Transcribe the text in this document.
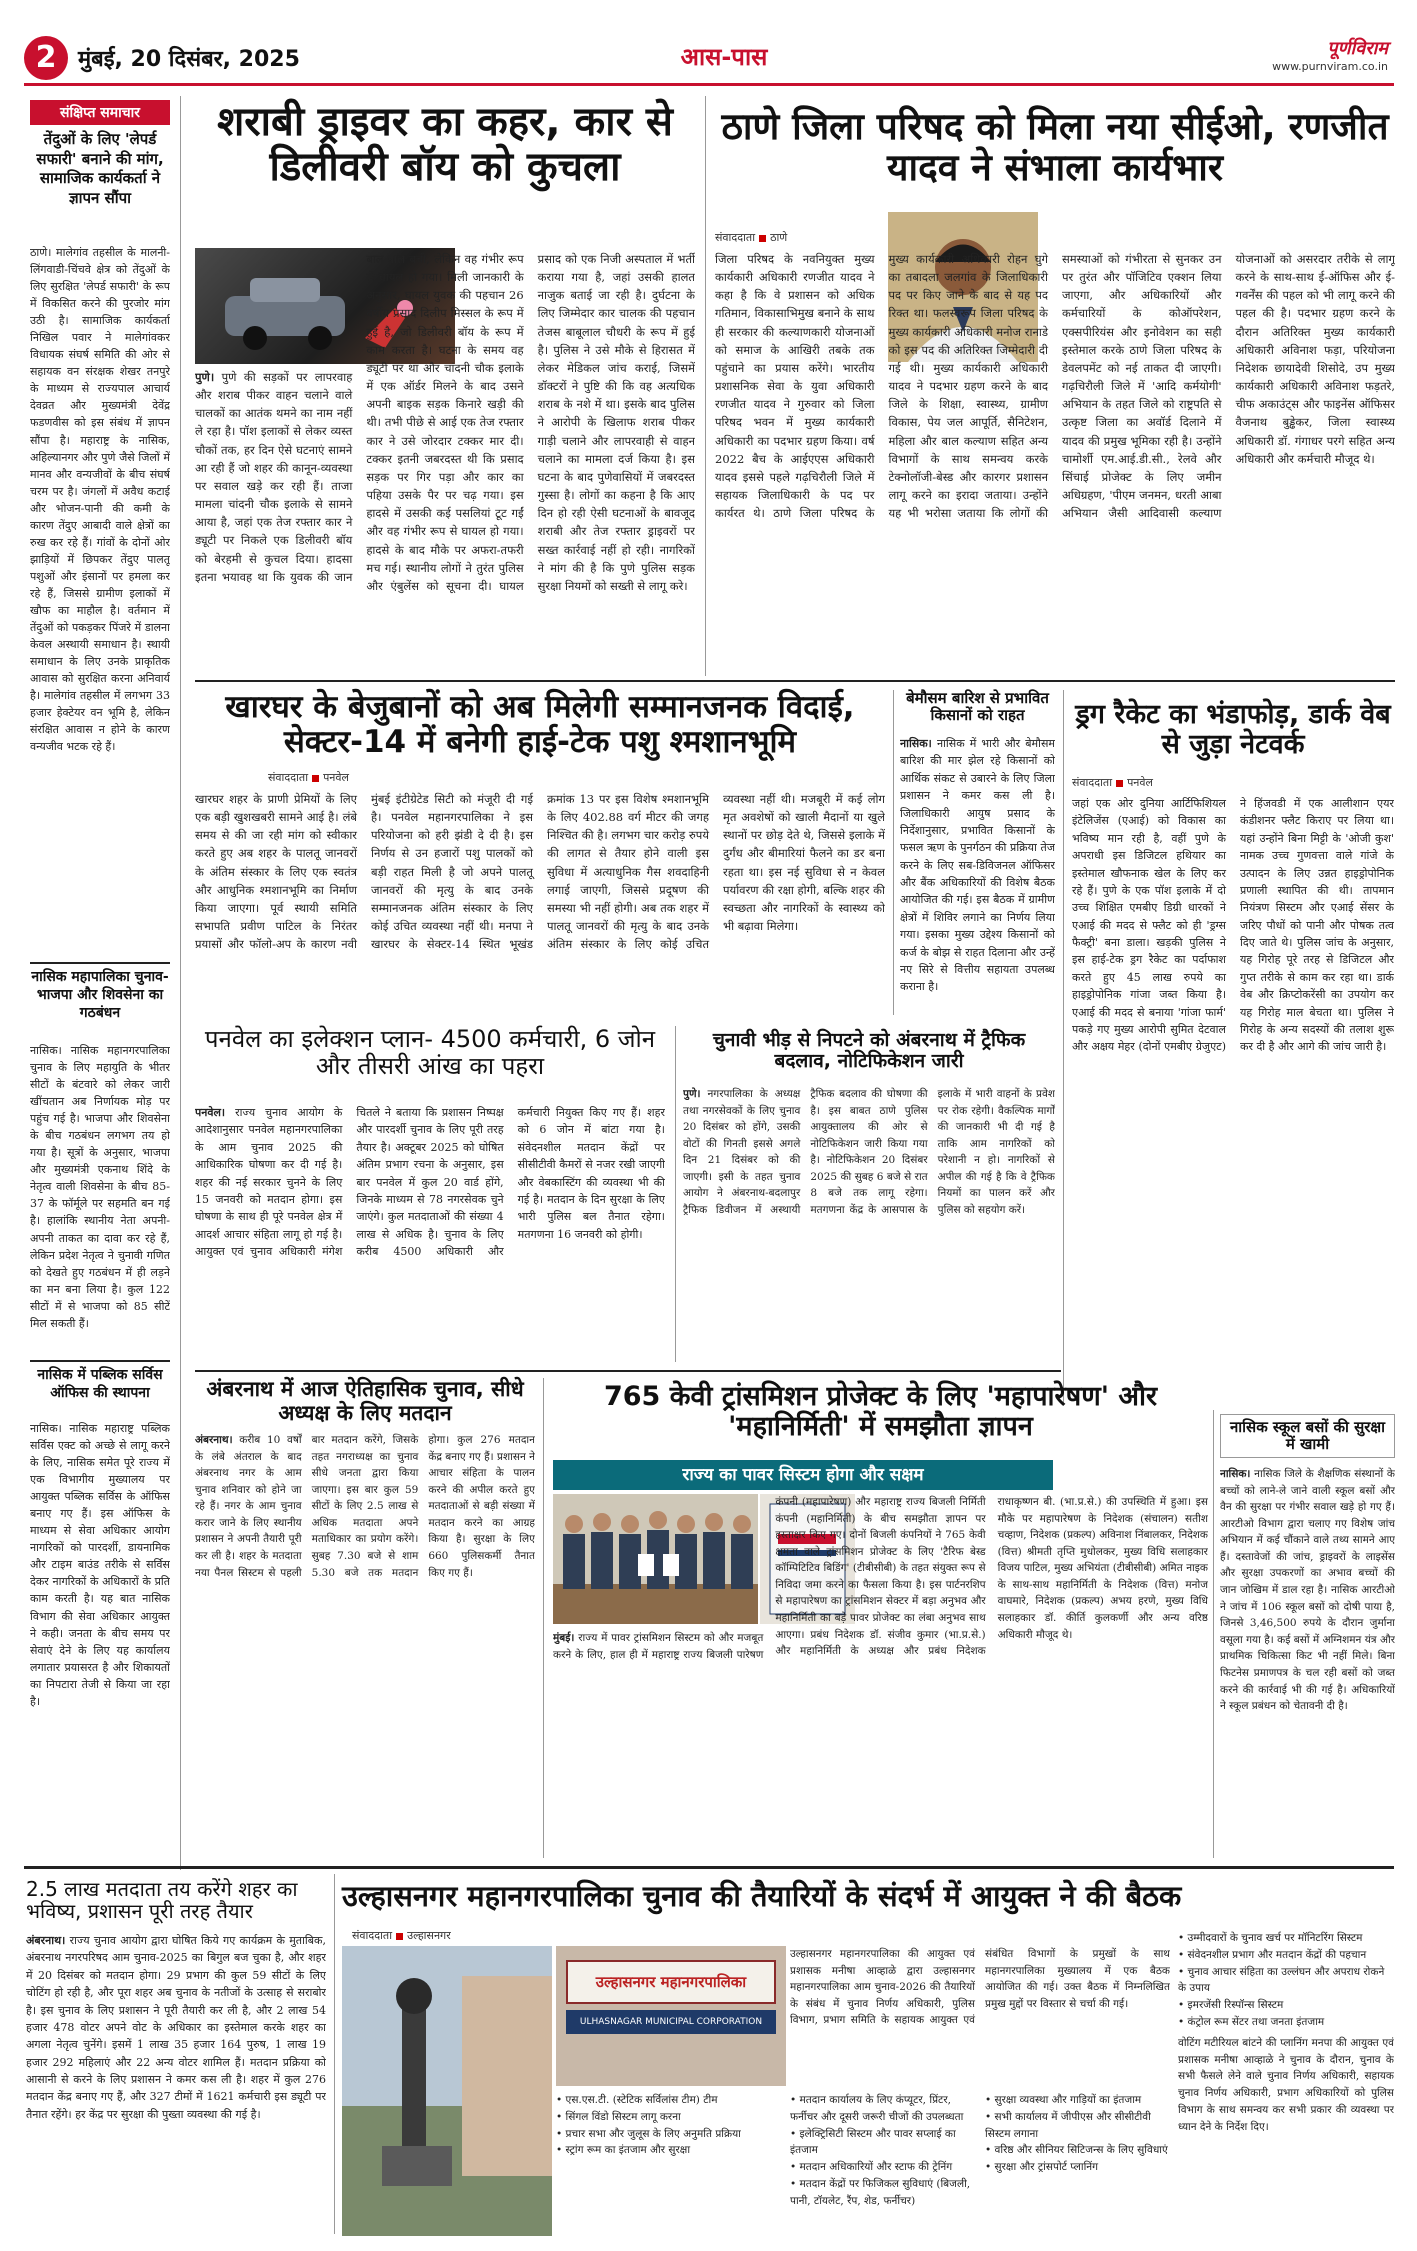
2 मुंबई, 20 दिसंबर, 2025	आस-पास	पूर्णविराम
www.purnviram.co.in
संक्षिप्त समाचार
तेंदुओं के लिए 'लेपर्ड सफारी' बनाने की मांग, सामाजिक कार्यकर्ता ने ज्ञापन सौंपा
ठाणे। मालेगांव तहसील के मालनी-लिंगवाडी-चिंचवे क्षेत्र को तेंदुओं के लिए सुरक्षित 'लेपर्ड सफारी' के रूप में विकसित करने की पुरजोर मांग उठी है। सामाजिक कार्यकर्ता निखिल पवार ने मालेगांवकर विधायक संघर्ष समिति की ओर से सहायक वन संरक्षक शेखर तनपुरे के माध्यम से राज्यपाल आचार्य देवव्रत और मुख्यमंत्री देवेंद्र फडणवीस को इस संबंध में ज्ञापन सौंपा है। महाराष्ट्र के नासिक, अहिल्यानगर और पुणे जैसे जिलों में मानव और वन्यजीवों के बीच संघर्ष चरम पर है। जंगलों में अवैध कटाई और भोजन-पानी की कमी के कारण तेंदुए आबादी वाले क्षेत्रों का रुख कर रहे हैं। गांवों के दोनों ओर झाड़ियों में छिपकर तेंदुए पालतू पशुओं और इंसानों पर हमला कर रहे हैं, जिससे ग्रामीण इलाकों में खौफ का माहौल है। वर्तमान में तेंदुओं को पकड़कर पिंजरे में डालना केवल अस्थायी समाधान है। स्थायी समाधान के लिए उनके प्राकृतिक आवास को सुरक्षित करना अनिवार्य है। मालेगांव तहसील में लगभग 33 हजार हेक्टेयर वन भूमि है, लेकिन संरक्षित आवास न होने के कारण वन्यजीव भटक रहे हैं।
नासिक महापालिका चुनाव-भाजपा और शिवसेना का गठबंधन
नासिक। नासिक महानगरपालिका चुनाव के लिए महायुति के भीतर सीटों के बंटवारे को लेकर जारी खींचतान अब निर्णायक मोड़ पर पहुंच गई है। भाजपा और शिवसेना के बीच गठबंधन लगभग तय हो गया है। सूत्रों के अनुसार, भाजपा और मुख्यमंत्री एकनाथ शिंदे के नेतृत्व वाली शिवसेना के बीच 85-37 के फॉर्मूले पर सहमति बन गई है। हालांकि स्थानीय नेता अपनी-अपनी ताकत का दावा कर रहे हैं, लेकिन प्रदेश नेतृत्व ने चुनावी गणित को देखते हुए गठबंधन में ही लड़ने का मन बना लिया है। कुल 122 सीटों में से भाजपा को 85 सीटें मिल सकती हैं।
नासिक में पब्लिक सर्विस ऑफिस की स्थापना
नासिक। नासिक महाराष्ट्र पब्लिक सर्विस एक्ट को अच्छे से लागू करने के लिए, नासिक समेत पूरे राज्य में एक विभागीय मुख्यालय पर आयुक्त पब्लिक सर्विस के ऑफिस बनाए गए हैं। इस ऑफिस के माध्यम से सेवा अधिकार आयोग नागरिकों को पारदर्शी, डायनामिक और टाइम बाउंड तरीके से सर्विस देकर नागरिकों के अधिकारों के प्रति काम करती है। यह बात नासिक विभाग की सेवा अधिकार आयुक्त ने कही। जनता के बीच समय पर सेवाएं देने के लिए यह कार्यालय लगातार प्रयासरत है और शिकायतों का निपटारा तेजी से किया जा रहा है।
शराबी ड्राइवर का कहर, कार से डिलीवरी बॉय को कुचला
पुणे। पुणे की सड़कों पर लापरवाह और शराब पीकर वाहन चलाने वाले चालकों का आतंक थमने का नाम नहीं ले रहा है। पॉश इलाकों से लेकर व्यस्त चौकों तक, हर दिन ऐसे घटनाएं सामने आ रही हैं जो शहर की कानून-व्यवस्था पर सवाल खड़े कर रही हैं। ताजा मामला चांदनी चौक इलाके से सामने आया है, जहां एक तेज रफ्तार कार ने ड्यूटी पर निकले एक डिलीवरी बॉय को बेरहमी से कुचल दिया। हादसा इतना भयावह था कि युवक की जान बाल-बाल बची, लेकिन वह गंभीर रूप से घायल हो गया। मिली जानकारी के अनुसार, घायल युवक की पहचान 26 वर्षीय प्रसाद दिलीप मिस्सल के रूप में हुई है, जो डिलीवरी बॉय के रूप में काम करता है। घटना के समय वह ड्यूटी पर था और चांदनी चौक इलाके में एक ऑर्डर मिलने के बाद उसने अपनी बाइक सड़क किनारे खड़ी की थी। तभी पीछे से आई एक तेज रफ्तार कार ने उसे जोरदार टक्कर मार दी। टक्कर इतनी जबरदस्त थी कि प्रसाद सड़क पर गिर पड़ा और कार का पहिया उसके पैर पर चढ़ गया। इस हादसे में उसकी कई पसलियां टूट गईं और वह गंभीर रूप से घायल हो गया। हादसे के बाद मौके पर अफरा-तफरी मच गई। स्थानीय लोगों ने तुरंत पुलिस और एंबुलेंस को सूचना दी। घायल प्रसाद को एक निजी अस्पताल में भर्ती कराया गया है, जहां उसकी हालत नाजुक बताई जा रही है। दुर्घटना के लिए जिम्मेदार कार चालक की पहचान तेजस बाबूलाल चौधरी के रूप में हुई है। पुलिस ने उसे मौके से हिरासत में लेकर मेडिकल जांच कराई, जिसमें डॉक्टरों ने पुष्टि की कि वह अत्यधिक शराब के नशे में था। इसके बाद पुलिस ने आरोपी के खिलाफ शराब पीकर गाड़ी चलाने और लापरवाही से वाहन चलाने का मामला दर्ज किया है। इस घटना के बाद पुणेवासियों में जबरदस्त गुस्सा है। लोगों का कहना है कि आए दिन हो रही ऐसी घटनाओं के बावजूद शराबी और तेज रफ्तार ड्राइवरों पर सख्त कार्रवाई नहीं हो रही। नागरिकों ने मांग की है कि पुणे पुलिस सड़क सुरक्षा नियमों को सख्ती से लागू करे।
ठाणे जिला परिषद को मिला नया सीईओ, रणजीत यादव ने संभाला कार्यभार
संवाददाता ठाणे
जिला परिषद के नवनियुक्त मुख्य कार्यकारी अधिकारी रणजीत यादव ने कहा है कि वे प्रशासन को अधिक गतिमान, विकासाभिमुख बनाने के साथ ही सरकार की कल्याणकारी योजनाओं को समाज के आखिरी तबके तक पहुंचाने का प्रयास करेंगे। भारतीय प्रशासनिक सेवा के युवा अधिकारी रणजीत यादव ने गुरुवार को जिला परिषद भवन में मुख्य कार्यकारी अधिकारी का पदभार ग्रहण किया। वर्ष 2022 बैच के आईएएस अधिकारी यादव इससे पहले गढ़चिरौली जिले में सहायक जिलाधिकारी के पद पर कार्यरत थे। ठाणे जिला परिषद के मुख्य कार्यकारी अधिकारी रोहन घुगे का तबादला जलगांव के जिलाधिकारी पद पर किए जाने के बाद से यह पद रिक्त था। फलस्वरूप जिला परिषद के मुख्य कार्यकारी अधिकारी मनोज रानाडे को इस पद की अतिरिक्त जिम्मेदारी दी गई थी। मुख्य कार्यकारी अधिकारी यादव ने पदभार ग्रहण करने के बाद जिले के शिक्षा, स्वास्थ्य, ग्रामीण विकास, पेय जल आपूर्ति, सैनिटेशन, महिला और बाल कल्याण सहित अन्य विभागों के साथ समन्वय करके टेक्नोलॉजी-बेस्ड और कारगर प्रशासन लागू करने का इरादा जताया। उन्होंने यह भी भरोसा जताया कि लोगों की समस्याओं को गंभीरता से सुनकर उन पर तुरंत और पॉजिटिव एक्शन लिया जाएगा, और अधिकारियों और कर्मचारियों के कोऑपरेशन, एक्सपीरियंस और इनोवेशन का सही इस्तेमाल करके ठाणे जिला परिषद के डेवलपमेंट को नई ताकत दी जाएगी। गढ़चिरौली जिले में 'आदि कर्मयोगी' अभियान के तहत जिले को राष्ट्रपति से उत्कृष्ट जिला का अवॉर्ड दिलाने में यादव की प्रमुख भूमिका रही है। उन्होंने चामोर्शी एम.आई.डी.सी., रेलवे और सिंचाई प्रोजेक्ट के लिए जमीन अधिग्रहण, 'पीएम जनमन, धरती आबा अभियान जैसी आदिवासी कल्याण योजनाओं को असरदार तरीके से लागू करने के साथ-साथ ई-ऑफिस और ई-गवर्नेंस की पहल को भी लागू करने की पहल की है। पदभार ग्रहण करने के दौरान अतिरिक्त मुख्य कार्यकारी अधिकारी अविनाश फड़ा, परियोजना निदेशक छायादेवी शिसोदे, उप मुख्य कार्यकारी अधिकारी अविनाश फड़तरे, चीफ अकाउंट्स और फाइनेंस ऑफिसर वैजनाथ बुड्ढेकर, जिला स्वास्थ्य अधिकारी डॉ. गंगाधर परगे सहित अन्य अधिकारी और कर्मचारी मौजूद थे।
खारघर के बेजुबानों को अब मिलेगी सम्मानजनक विदाई, सेक्टर-14 में बनेगी हाई-टेक पशु श्मशानभूमि
संवाददाता पनवेल
खारघर शहर के प्राणी प्रेमियों के लिए एक बड़ी खुशखबरी सामने आई है। लंबे समय से की जा रही मांग को स्वीकार करते हुए अब शहर के पालतू जानवरों के अंतिम संस्कार के लिए एक स्वतंत्र और आधुनिक श्मशानभूमि का निर्माण किया जाएगा। पूर्व स्थायी समिति सभापति प्रवीण पाटिल के निरंतर प्रयासों और फॉलो-अप के कारण नवी मुंबई इंटीग्रेटेड सिटी को मंजूरी दी गई है। पनवेल महानगरपालिका ने इस परियोजना को हरी झंडी दे दी है। इस निर्णय से उन हजारों पशु पालकों को बड़ी राहत मिली है जो अपने पालतू जानवरों की मृत्यु के बाद उनके सम्मानजनक अंतिम संस्कार के लिए कोई उचित व्यवस्था नहीं थी। मनपा ने खारघर के सेक्टर-14 स्थित भूखंड क्रमांक 13 पर इस विशेष श्मशानभूमि के लिए 402.88 वर्ग मीटर की जगह निश्चित की है। लगभग चार करोड़ रुपये की लागत से तैयार होने वाली इस सुविधा में अत्याधुनिक गैस शवदाहिनी लगाई जाएगी, जिससे प्रदूषण की समस्या भी नहीं होगी। अब तक शहर में पालतू जानवरों की मृत्यु के बाद उनके अंतिम संस्कार के लिए कोई उचित व्यवस्था नहीं थी। मजबूरी में कई लोग मृत अवशेषों को खाली मैदानों या खुले स्थानों पर छोड़ देते थे, जिससे इलाके में दुर्गंध और बीमारियां फैलने का डर बना रहता था। इस नई सुविधा से न केवल पर्यावरण की रक्षा होगी, बल्कि शहर की स्वच्छता और नागरिकों के स्वास्थ्य को भी बढ़ावा मिलेगा।
बेमौसम बारिश से प्रभावित किसानों को राहत
नासिक। नासिक में भारी और बेमौसम बारिश की मार झेल रहे किसानों को आर्थिक संकट से उबारने के लिए जिला प्रशासन ने कमर कस ली है। जिलाधिकारी आयुष प्रसाद के निर्देशानुसार, प्रभावित किसानों के फसल ऋण के पुनर्गठन की प्रक्रिया तेज करने के लिए सब-डिविजनल ऑफिसर और बैंक अधिकारियों की विशेष बैठक आयोजित की गई। इस बैठक में ग्रामीण क्षेत्रों में शिविर लगाने का निर्णय लिया गया। इसका मुख्य उद्देश्य किसानों को कर्ज के बोझ से राहत दिलाना और उन्हें नए सिरे से वित्तीय सहायता उपलब्ध कराना है।
ड्रग रैकेट का भंडाफोड़, डार्क वेब से जुड़ा नेटवर्क
संवाददाता पनवेल
जहां एक ओर दुनिया आर्टिफिशियल इंटेलिजेंस (एआई) को विकास का भविष्य मान रही है, वहीं पुणे के अपराधी इस डिजिटल हथियार का इस्तेमाल खौफनाक खेल के लिए कर रहे हैं। पुणे के एक पॉश इलाके में दो उच्च शिक्षित एमबीए डिग्री धारकों ने एआई की मदद से फ्लैट को ही 'ड्रग्स फैक्ट्री' बना डाला। खड़की पुलिस ने इस हाई-टेक ड्रग रैकेट का पर्दाफाश करते हुए 45 लाख रुपये का हाइड्रोपोनिक गांजा जब्त किया है। एआई की मदद से बनाया 'गांजा फार्म' पकड़े गए मुख्य आरोपी सुमित देटवाल और अक्षय मेहर (दोनों एमबीए ग्रेजुएट) ने हिंजवडी में एक आलीशान एयर कंडीशनर फ्लैट किराए पर लिया था। यहां उन्होंने बिना मिट्टी के 'ओजी कुश' नामक उच्च गुणवत्ता वाले गांजे के उत्पादन के लिए उन्नत हाइड्रोपोनिक प्रणाली स्थापित की थी। तापमान नियंत्रण सिस्टम और एआई सेंसर के जरिए पौधों को पानी और पोषक तत्व दिए जाते थे। पुलिस जांच के अनुसार, यह गिरोह पूरे तरह से डिजिटल और गुप्त तरीके से काम कर रहा था। डार्क वेब और क्रिप्टोकरेंसी का उपयोग कर यह गिरोह माल बेचता था। पुलिस ने गिरोह के अन्य सदस्यों की तलाश शुरू कर दी है और आगे की जांच जारी है।
पनवेल का इलेक्शन प्लान- 4500 कर्मचारी, 6 जोन और तीसरी आंख का पहरा
पनवेल। राज्य चुनाव आयोग के आदेशानुसार पनवेल महानगरपालिका के आम चुनाव 2025 की आधिकारिक घोषणा कर दी गई है। शहर की नई सरकार चुनने के लिए 15 जनवरी को मतदान होगा। इस घोषणा के साथ ही पूरे पनवेल क्षेत्र में आदर्श आचार संहिता लागू हो गई है। आयुक्त एवं चुनाव अधिकारी मंगेश चितले ने बताया कि प्रशासन निष्पक्ष और पारदर्शी चुनाव के लिए पूरी तरह तैयार है। अक्टूबर 2025 को घोषित अंतिम प्रभाग रचना के अनुसार, इस बार पनवेल में कुल 20 वार्ड होंगे, जिनके माध्यम से 78 नगरसेवक चुने जाएंगे। कुल मतदाताओं की संख्या 4 लाख से अधिक है। चुनाव के लिए करीब 4500 अधिकारी और कर्मचारी नियुक्त किए गए हैं। शहर को 6 जोन में बांटा गया है। संवेदनशील मतदान केंद्रों पर सीसीटीवी कैमरों से नजर रखी जाएगी और वेबकास्टिंग की व्यवस्था भी की गई है। मतदान के दिन सुरक्षा के लिए भारी पुलिस बल तैनात रहेगा। मतगणना 16 जनवरी को होगी।
चुनावी भीड़ से निपटने को अंबरनाथ में ट्रैफिक बदलाव, नोटिफिकेशन जारी
पुणे। नगरपालिका के अध्यक्ष तथा नगरसेवकों के लिए चुनाव 20 दिसंबर को होंगे, उसकी वोटों की गिनती इससे अगले दिन 21 दिसंबर को की जाएगी। इसी के तहत चुनाव आयोग ने अंबरनाथ-बदलापुर ट्रैफिक डिवीजन में अस्थायी ट्रैफिक बदलाव की घोषणा की है। इस बाबत ठाणे पुलिस आयुक्तालय की ओर से नोटिफिकेशन जारी किया गया है। नोटिफिकेशन 20 दिसंबर 2025 की सुबह 6 बजे से रात 8 बजे तक लागू रहेगा। मतगणना केंद्र के आसपास के इलाके में भारी वाहनों के प्रवेश पर रोक रहेगी। वैकल्पिक मार्गों की जानकारी भी दी गई है ताकि आम नागरिकों को परेशानी न हो। नागरिकों से अपील की गई है कि वे ट्रैफिक नियमों का पालन करें और पुलिस को सहयोग करें।
अंबरनाथ में आज ऐतिहासिक चुनाव, सीधे अध्यक्ष के लिए मतदान
अंबरनाथ। करीब 10 वर्षों के लंबे अंतराल के बाद अंबरनाथ नगर के आम चुनाव शनिवार को होने जा रहे हैं। नगर के आम चुनाव करार जाने के लिए स्थानीय प्रशासन ने अपनी तैयारी पूरी कर ली है। शहर के मतदाता नया पैनल सिस्टम से पहली बार मतदान करेंगे, जिसके तहत नगराध्यक्ष का चुनाव सीधे जनता द्वारा किया जाएगा। इस बार कुल 59 सीटों के लिए 2.5 लाख से अधिक मतदाता अपने मताधिकार का प्रयोग करेंगे। सुबह 7.30 बजे से शाम 5.30 बजे तक मतदान होगा। कुल 276 मतदान केंद्र बनाए गए हैं। प्रशासन ने आचार संहिता के पालन करने की अपील करते हुए मतदाताओं से बड़ी संख्या में मतदान करने का आग्रह किया है। सुरक्षा के लिए 660 पुलिसकर्मी तैनात किए गए हैं।
765 केवी ट्रांसमिशन प्रोजेक्ट के लिए 'महापारेषण' और 'महानिर्मिती' में समझौता ज्ञापन
राज्य का पावर सिस्टम होगा और सक्षम
मुंबई। राज्य में पावर ट्रांसमिशन सिस्टम को और मजबूत करने के लिए, हाल ही में महाराष्ट्र राज्य बिजली पारेषण कंपनी (महापारेषण) और महाराष्ट्र राज्य बिजली निर्मिती कंपनी (महानिर्मिती) के बीच समझौता ज्ञापन पर हस्ताक्षर किए गए। दोनों बिजली कंपनियों ने 765 केवी क्षमता वाले ट्रांसमिशन प्रोजेक्ट के लिए 'टैरिफ बेस्ड कॉम्पिटिटिव बिडिंग' (टीबीसीबी) के तहत संयुक्त रूप से निविदा जमा करने का फैसला किया है। इस पार्टनरशिप से महापारेषण का ट्रांसमिशन सेक्टर में बड़ा अनुभव और महानिर्मिती का बड़े पावर प्रोजेक्ट का लंबा अनुभव साथ आएगा। प्रबंध निदेशक डॉ. संजीव कुमार (भा.प्र.से.) और महानिर्मिती के अध्यक्ष और प्रबंध निदेशक राधाकृष्णन बी. (भा.प्र.से.) की उपस्थिति में हुआ। इस मौके पर महापारेषण के निदेशक (संचालन) सतीश चव्हाण, निदेशक (प्रकल्प) अविनाश निंबालकर, निदेशक (वित्त) श्रीमती तृप्ति मुधोलकर, मुख्य विधि सलाहकार विजय पाटिल, मुख्य अभियंता (टीबीसीबी) अमित नाइक के साथ-साथ महानिर्मिती के निदेशक (वित्त) मनोज वाघमारे, निदेशक (प्रकल्प) अभय हरणे, मुख्य विधि सलाहकार डॉ. कीर्ति कुलकर्णी और अन्य वरिष्ठ अधिकारी मौजूद थे।
नासिक स्कूल बसों की सुरक्षा में खामी
नासिक। नासिक जिले के शैक्षणिक संस्थानों के बच्चों को लाने-ले जाने वाली स्कूल बसों और वैन की सुरक्षा पर गंभीर सवाल खड़े हो गए हैं। आरटीओ विभाग द्वारा चलाए गए विशेष जांच अभियान में कई चौंकाने वाले तथ्य सामने आए हैं। दस्तावेजों की जांच, ड्राइवरों के लाइसेंस और सुरक्षा उपकरणों का अभाव बच्चों की जान जोखिम में डाल रहा है। नासिक आरटीओ ने जांच में 106 स्कूल बसों को दोषी पाया है, जिनसे 3,46,500 रुपये के दौरान जुर्माना वसूला गया है। कई बसों में अग्निशमन यंत्र और प्राथमिक चिकित्सा किट भी नहीं मिले। बिना फिटनेस प्रमाणपत्र के चल रही बसों को जब्त करने की कार्रवाई भी की गई है। अधिकारियों ने स्कूल प्रबंधन को चेतावनी दी है।
2.5 लाख मतदाता तय करेंगे शहर का भविष्य, प्रशासन पूरी तरह तैयार
अंबरनाथ। राज्य चुनाव आयोग द्वारा घोषित किये गए कार्यक्रम के मुताबिक, अंबरनाथ नगरपरिषद आम चुनाव-2025 का बिगुल बज चुका है, और शहर में 20 दिसंबर को मतदान होगा। 29 प्रभाग की कुल 59 सीटों के लिए चोटिंग हो रही है, और पूरा शहर अब चुनाव के नतीजों के उत्साह से सराबोर है। इस चुनाव के लिए प्रशासन ने पूरी तैयारी कर ली है, और 2 लाख 54 हजार 478 वोटर अपने वोट के अधिकार का इस्तेमाल करके शहर का अगला नेतृत्व चुनेंगे। इसमें 1 लाख 35 हजार 164 पुरुष, 1 लाख 19 हजार 292 महिलाएं और 22 अन्य वोटर शामिल हैं। मतदान प्रक्रिया को आसानी से करने के लिए प्रशासन ने कमर कस ली है। शहर में कुल 276 मतदान केंद्र बनाए गए हैं, और 327 टीमों में 1621 कर्मचारी इस ड्यूटी पर तैनात रहेंगे। हर केंद्र पर सुरक्षा की पुख्ता व्यवस्था की गई है।
उल्हासनगर महानगरपालिका चुनाव की तैयारियों के संदर्भ में आयुक्त ने की बैठक
संवाददाता उल्हासनगर
उल्हासनगर महानगरपालिका
ULHASNAGAR MUNICIPAL CORPORATION
उल्हासनगर महानगरपालिका की आयुक्त एवं प्रशासक मनीषा आव्हाळे द्वारा उल्हासनगर महानगरपालिका आम चुनाव-2026 की तैयारियों के संबंध में चुनाव निर्णय अधिकारी, पुलिस विभाग, प्रभाग समिति के सहायक आयुक्त एवं संबंधित विभागों के प्रमुखों के साथ महानगरपालिका मुख्यालय में एक बैठक आयोजित की गई। उक्त बैठक में निम्नलिखित प्रमुख मुद्दों पर विस्तार से चर्चा की गई।
• एस.एस.टी. (स्टेटिक सर्विलांस टीम) टीम
• सिंगल विंडो सिस्टम लागू करना
• प्रचार सभा और जुलूस के लिए अनुमति प्रक्रिया
• स्ट्रांग रूम का इंतजाम और सुरक्षा
• मतदान कार्यालय के लिए कंप्यूटर, प्रिंटर, फर्नीचर और दूसरी जरूरी चीजों की उपलब्धता
• इलेक्ट्रिसिटी सिस्टम और पावर सप्लाई का इंतजाम
• मतदान अधिकारियों और स्टाफ की ट्रेनिंग
• मतदान केंद्रों पर फिजिकल सुविधाएं (बिजली, पानी, टॉयलेट, रैंप, शेड, फर्नीचर)
• सुरक्षा व्यवस्था और गाड़ियों का इंतजाम
• सभी कार्यालय में जीपीएस और सीसीटीवी सिस्टम लगाना
• वरिष्ठ और सीनियर सिटिजन्स के लिए सुविधाएं
• सुरक्षा और ट्रांसपोर्ट प्लानिंग
• उम्मीदवारों के चुनाव खर्च पर मॉनिटरिंग सिस्टम
• संवेदनशील प्रभाग और मतदान केंद्रों की पहचान
• चुनाव आचार संहिता का उल्लंघन और अपराध रोकने के उपाय
• इमरजेंसी रिस्पॉन्स सिस्टम
• कंट्रोल रूम सेंटर तथा जनता इंतजाम
वोटिंग मटीरियल बांटने की प्लानिंग मनपा की आयुक्त एवं प्रशासक मनीषा आव्हाळे ने चुनाव के दौरान, चुनाव के सभी फैसले लेने वाले चुनाव निर्णय अधिकारी, सहायक चुनाव निर्णय अधिकारी, प्रभाग अधिकारियों को पुलिस विभाग के साथ समन्वय कर सभी प्रकार की व्यवस्था पर ध्यान देने के निर्देश दिए।
